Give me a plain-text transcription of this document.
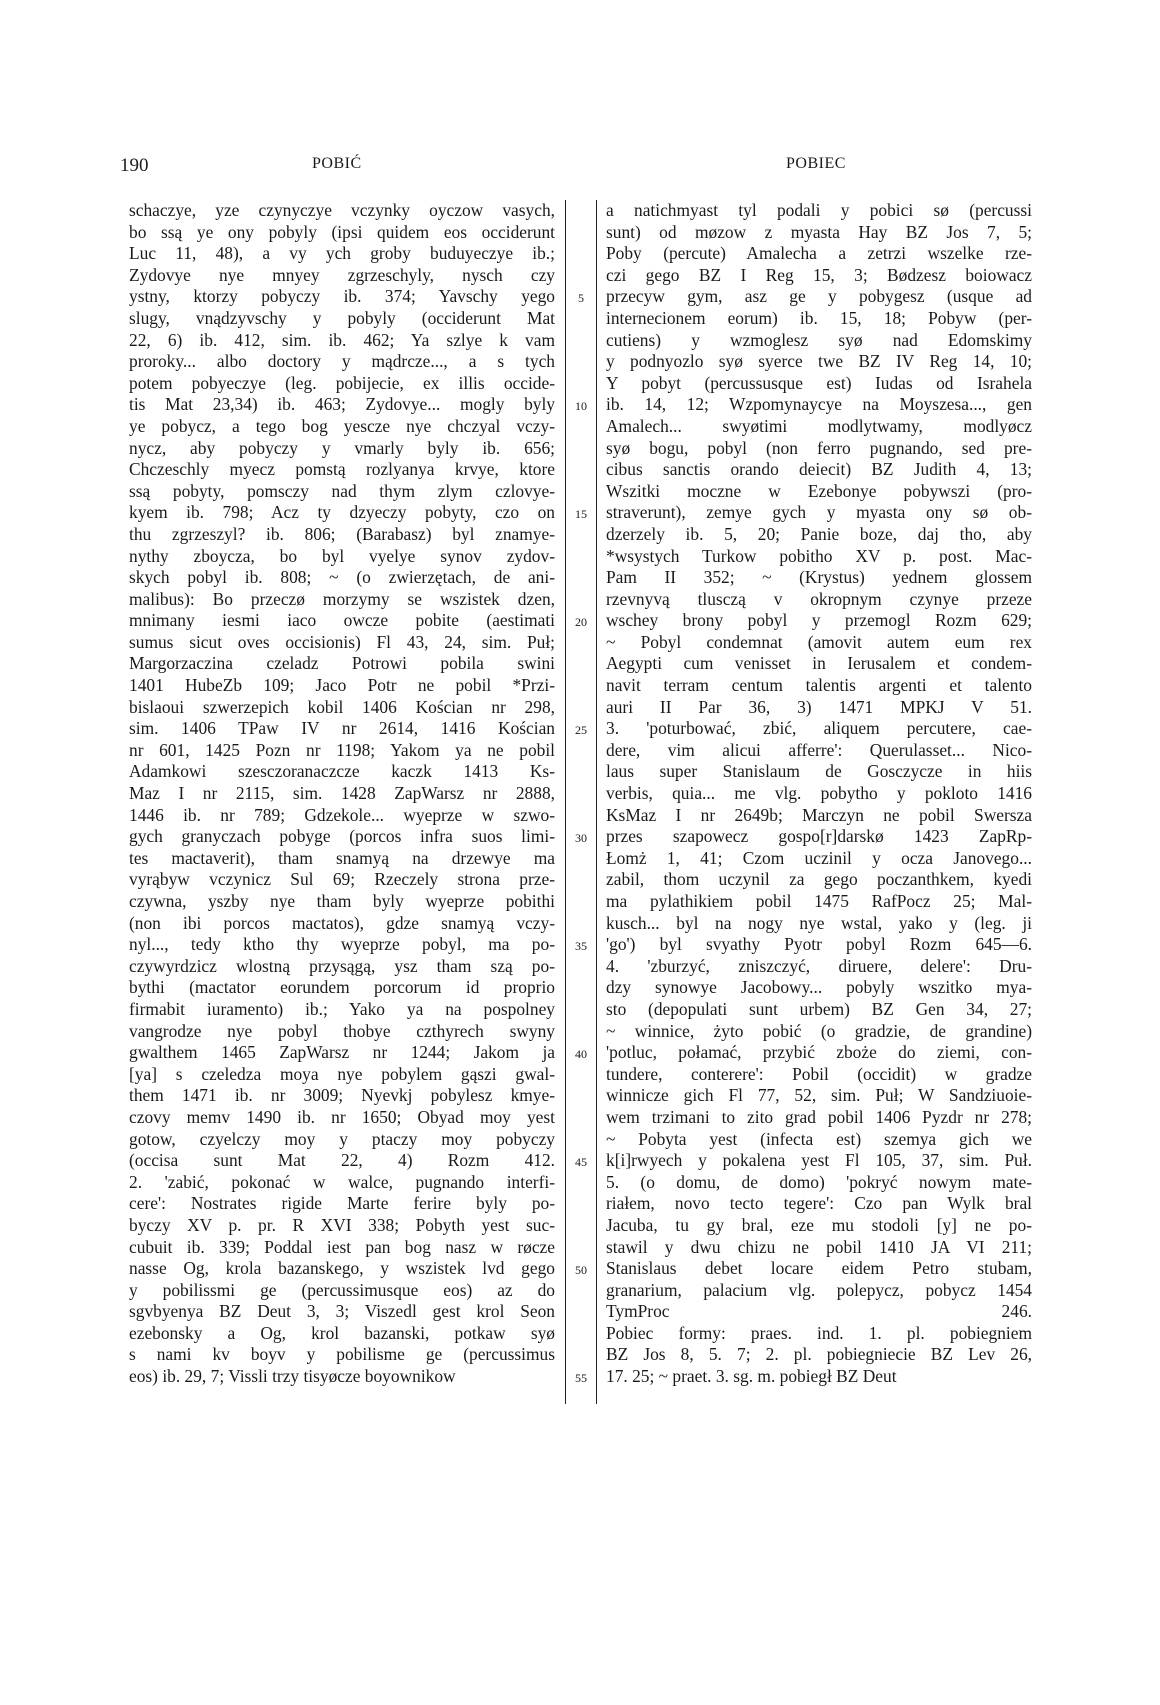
190	POBIĆ	POBIEC
schaczye, yze czynyczye vczynky oyczow vasych,
bo ssą ye ony pobyly (ipsi quidem eos occiderunt
Luc 11, 48), a vy ych groby buduyeczye ib.;
Zydovye nye mnyey zgrzeschyly, nysch czy
ystny, ktorzy pobyczy ib. 374; Yavschy yego
slugy, vnądzyvschy y pobyly (occiderunt Mat
22, 6) ib. 412, sim. ib. 462; Ya szlye k vam
proroky... albo doctory y mądrcze..., a s tych
potem pobyeczye (leg. pobijecie, ex illis occide-
tis Mat 23,34) ib. 463; Zydovye... mogly byly
ye pobycz, a tego bog yescze nye chczyal vczy-
nycz, aby pobyczy y vmarly byly ib. 656;
Chczeschly myecz pomstą rozlyanya krvye, ktore
ssą pobyty, pomsczy nad thym zlym czlovye-
kyem ib. 798; Acz ty dzyeczy pobyty, czo on
thu zgrzeszyl? ib. 806; (Barabasz) byl znamye-
nythy zboycza, bo byl vyelye synov zydov-
skych pobyl ib. 808; ~ (o zwierzętach, de ani-
malibus): Bo przeczø morzymy se wszistek dzen,
mnimany iesmi iaco owcze pobite (aestimati
sumus sicut oves occisionis) Fl 43, 24, sim. Puł;
Margorzaczina czeladz Potrowi pobila swini
1401 HubeZb 109; Jaco Potr ne pobil *Przi-
bislaoui szwerzepich kobil 1406 Kościan nr 298,
sim. 1406 TPaw IV nr 2614, 1416 Kościan
nr 601, 1425 Pozn nr 1198; Yakom ya ne pobil
Adamkowi szesczoranaczcze kaczk 1413 Ks-
Maz I nr 2115, sim. 1428 ZapWarsz nr 2888,
1446 ib. nr 789; Gdzekole... wyeprze w szwo-
gych granyczach pobyge (porcos infra suos limi-
tes mactaverit), tham snamyą na drzewye ma
vyrąbyw vczynicz Sul 69; Rzeczely strona prze-
czywna, yszby nye tham byly wyeprze pobithi
(non ibi porcos mactatos), gdze snamyą vczy-
nyl..., tedy ktho thy wyeprze pobyl, ma po-
czywyrdzicz wlostną przysągą, ysz tham szą po-
bythi (mactator eorundem porcorum id proprio
firmabit iuramento) ib.; Yako ya na pospolney
vangrodze nye pobyl thobye czthyrech swyny
gwalthem 1465 ZapWarsz nr 1244; Jakom ja
[ya] s czeledza moya nye pobylem gąszi gwal-
them 1471 ib. nr 3009; Nyevkj pobylesz kmye-
czovy memv 1490 ib. nr 1650; Obyad moy yest
gotow, czyelczy moy y ptaczy moy pobyczy
(occisa sunt Mat 22, 4) Rozm 412.
2. 'zabić, pokonać w walce, pugnando interfi-
cere': Nostrates rigide Marte ferire byly po-
byczy XV p. pr. R XVI 338; Pobyth yest suc-
cubuit ib. 339; Poddal iest pan bog nasz w røcze
nasse Og, krola bazanskego, y wszistek lvd gego
y pobilissmi ge (percussimusque eos) az do
sgvbyenya BZ Deut 3, 3; Viszedl gest krol Seon
ezebonsky a Og, krol bazanski, potkaw syø
s nami kv boyv y pobilisme ge (percussimus
eos) ib. 29, 7; Vissli trzy tisyøcze boyownikow
5
10
15
20
25
30
35
40
45
50
55
a natichmyast tyl podali y pobici sø (percussi
sunt) od møzow z myasta Hay BZ Jos 7, 5;
Poby (percute) Amalecha a zetrzi wszelke rze-
czi gego BZ I Reg 15, 3; Bødzesz boiowacz
przecyw gym, asz ge y pobygesz (usque ad
internecionem eorum) ib. 15, 18; Pobyw (per-
cutiens) y wzmoglesz syø nad Edomskimy
y podnyozlo syø syerce twe BZ IV Reg 14, 10;
Y pobyt (percussusque est) Iudas od Israhela
ib. 14, 12; Wzpomynaycye na Moyszesa..., gen
Amalech... swyøtimi modlytwamy, modlyøcz
syø bogu, pobyl (non ferro pugnando, sed pre-
cibus sanctis orando deiecit) BZ Judith 4, 13;
Wszitki moczne w Ezebonye pobywszi (pro-
straverunt), zemye gych y myasta ony sø ob-
dzerzely ib. 5, 20; Panie boze, daj tho, aby
*wsystych Turkow pobitho XV p. post. Mac-
Pam II 352; ~ (Krystus) yednem glossem
rzevnyvą tlusczą v okropnym czynye przeze
wschey brony pobyl y przemogl Rozm 629;
~ Pobyl condemnat (amovit autem eum rex
Aegypti cum venisset in Ierusalem et condem-
navit terram centum talentis argenti et talento
auri II Par 36, 3) 1471 MPKJ V 51.
3. 'poturbować, zbić, aliquem percutere, cae-
dere, vim alicui afferre': Querulasset... Nico-
laus super Stanislaum de Gosczycze in hiis
verbis, quia... me vlg. pobytho y pokloto 1416
KsMaz I nr 2649b; Marczyn ne pobil Swersza
przes szapowecz gospo[r]darskø 1423 ZapRp-
Łomż 1, 41; Czom uczinil y ocza Janovego...
zabil, thom uczynil za gego poczanthkem, kyedi
ma pylathikiem pobil 1475 RafPocz 25; Mal-
kusch... byl na nogy nye wstal, yako y (leg. ji
'go') byl svyathy Pyotr pobyl Rozm 645—6.
4. 'zburzyć, zniszczyć, diruere, delere': Dru-
dzy synowye Jacobowy... pobyly wszitko mya-
sto (depopulati sunt urbem) BZ Gen 34, 27;
~ winnice, żyto pobić (o gradzie, de grandine)
'potluc, połamać, przybić zboże do ziemi, con-
tundere, conterere': Pobil (occidit) w gradze
winnicze gich Fl 77, 52, sim. Puł; W Sandziuoie-
wem trzimani to zito grad pobil 1406 Pyzdr nr 278;
~ Pobyta yest (infecta est) szemya gich we
k[i]rwyech y pokalena yest Fl 105, 37, sim. Puł.
5. (o domu, de domo) 'pokryć nowym mate-
riałem, novo tecto tegere': Czo pan Wylk bral
Jacuba, tu gy bral, eze mu stodoli [y] ne po-
stawil y dwu chizu ne pobil 1410 JA VI 211;
Stanislaus debet locare eidem Petro stubam,
granarium, palacium vlg. polepycz, pobycz 1454
TymProc 246.
Pobiec formy: praes. ind. 1. pl. pobiegniem
BZ Jos 8, 5. 7; 2. pl. pobiegniecie BZ Lev 26,
17. 25; ~ praet. 3. sg. m. pobiegł BZ Deut
